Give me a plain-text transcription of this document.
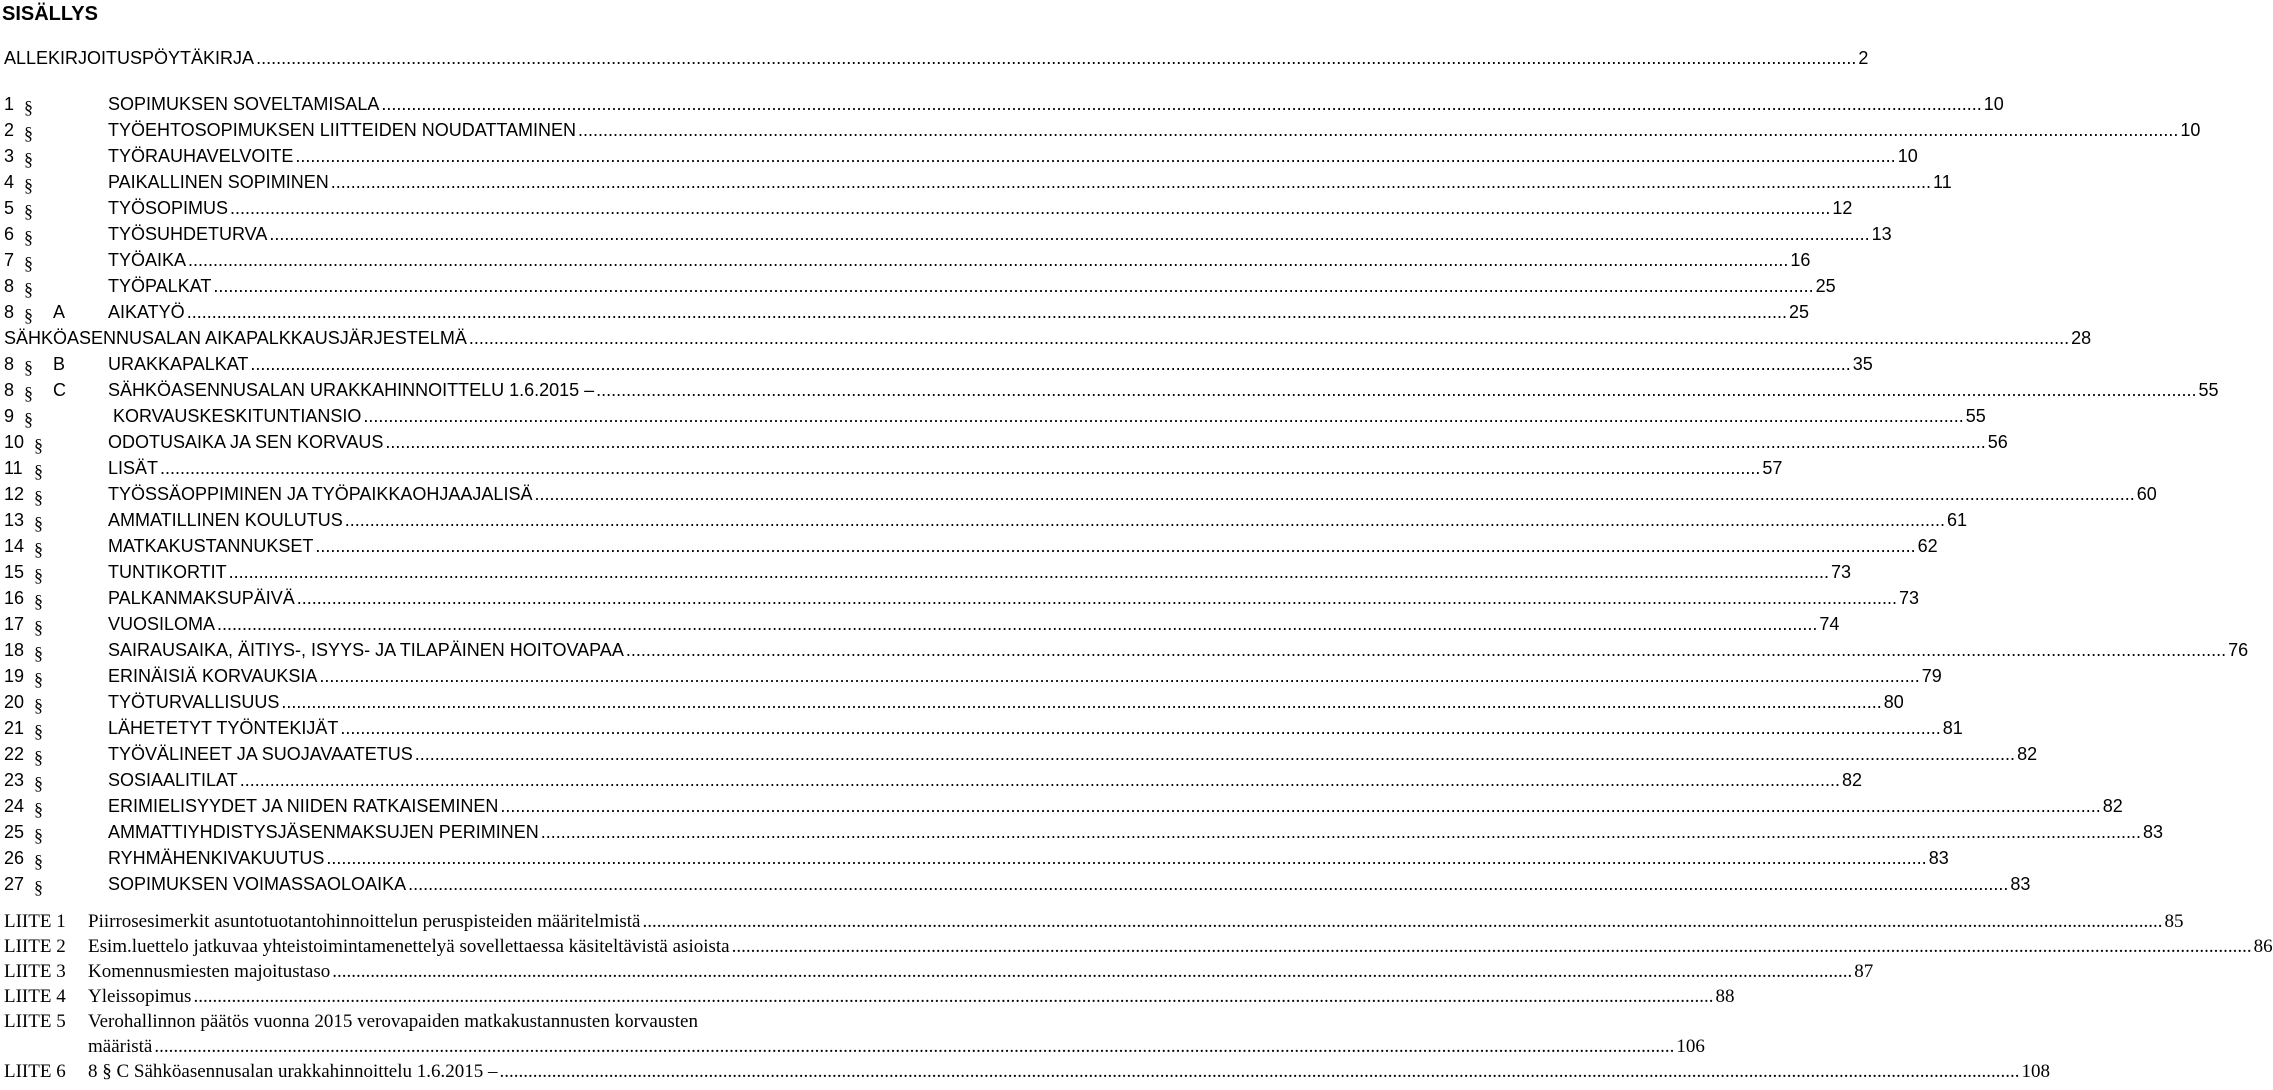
SISÄLLYS
ALLEKIRJOITUSPÖYTÄKIRJA .....	2
1 §	SOPIMUKSEN SOVELTAMISALA .....	10
2 §	TYÖEHTOSOPIMUKSEN LIITTEIDEN NOUDATTAMINEN .....	10
3 §	TYÖRAUHAVELVOITE .....	10
4 §	PAIKALLINEN SOPIMINEN .....	11
5 §	TYÖSOPIMUS .....	12
6 §	TYÖSUHDETURVA .....	13
7 §	TYÖAIKA .....	16
8 §	TYÖPALKAT .....	25
8 § A AIKATYÖ .....	25
SÄHKÖASENNUSALAN AIKAPALKKAUSJÄRJESTELMÄ .....	28
8 § B URAKKAPALKAT .....	35
8 § C SÄHKÖASENNUSALAN URAKKAHINNOITTELU 1.6.2015 – .....	55
9 §	KORVAUSKESKITUNTIANSIO .....	55
10 §	ODOTUSAIKA JA SEN KORVAUS .....	56
11 §	LISÄT .....	57
12 §	TYÖSSÄOPPIMINEN JA TYÖPAIKKAOHJAAJALISÄ .....	60
13 §	AMMATILLINEN KOULUTUS .....	61
14 §	MATKAKUSTANNUKSET .....	62
15 §	TUNTIKORTIT .....	73
16 §	PALKANMAKSUPÄIVÄ .....	73
17 §	VUOSILOMA .....	74
18 §	SAIRAUSAIKA, ÄITIYS-, ISYYS- JA TILAPÄINEN HOITOVAPAA .....	76
19 §	ERINÄISIÄ KORVAUKSIA .....	79
20 §	TYÖTURVALLISUUS .....	80
21 §	LÄHETETYT TYÖNTEKIJÄT .....	81
22 §	TYÖVÄLINEET JA SUOJAVAATETUS .....	82
23 §	SOSIAALITILAT .....	82
24 §	ERIMIELISYYDET JA NIIDEN RATKAISEMINEN .....	82
25 §	AMMATTIYHDISTYSJÄSENMAKSUJEN PERIMINEN .....	83
26 §	RYHMÄHENKIVAKUUTUS .....	83
27 §	SOPIMUKSEN VOIMASSAOLOAIKA .....	83
LIITE 1 Piirrosesimerkit asuntotuotantohinnoittelun peruspisteiden määritelmistä .....	85
LIITE 2 Esim.luettelo jatkuvaa yhteistoimintamenettelyä sovellettaessa käsiteltävistä asioista .....	86
LIITE 3 Komennusmiesten majoitustaso .....	87
LIITE 4 Yleissopimus .....	88
LIITE 5 Verohallinnon päätös vuonna 2015 verovapaiden matkakustannusten korvausten
määristä .....	106
LIITE 6 8 § C Sähköasennusalan urakkahinnoittelu 1.6.2015 – .....	108
